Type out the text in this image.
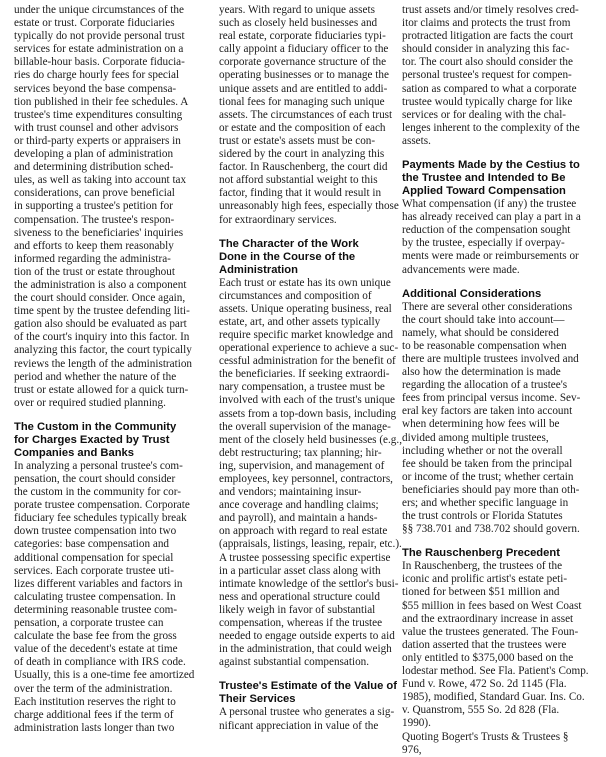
under the unique circumstances of the
estate or trust. Corporate fiduciaries
typically do not provide personal trust
services for estate administration on a
billable-hour basis. Corporate fiducia-
ries do charge hourly fees for special
services beyond the base compensa-
tion published in their fee schedules. A
trustee's time expenditures consulting
with trust counsel and other advisors
or third-party experts or appraisers in
developing a plan of administration
and determining distribution sched-
ules, as well as taking into account tax
considerations, can prove beneficial
in supporting a trustee's petition for
compensation. The trustee's respon-
siveness to the beneficiaries' inquiries
and efforts to keep them reasonably
informed regarding the administra-
tion of the trust or estate throughout
the administration is also a component
the court should consider. Once again,
time spent by the trustee defending liti-
gation also should be evaluated as part
of the court's inquiry into this factor. In
analyzing this factor, the court typically
reviews the length of the administration
period and whether the nature of the
trust or estate allowed for a quick turn-
over or required studied planning.

The Custom in the Community
for Charges Exacted by Trust
Companies and Banks

In analyzing a personal trustee's com-
pensation, the court should consider
the custom in the community for cor-
porate trustee compensation. Corporate
fiduciary fee schedules typically break
down trustee compensation into two
categories: base compensation and
additional compensation for special
services. Each corporate trustee uti-
lizes different variables and factors in
calculating trustee compensation. In
determining reasonable trustee com-
pensation, a corporate trustee can
calculate the base fee from the gross
value of the decedent's estate at time
of death in compliance with IRS code.
Usually, this is a one-time fee amortized
over the term of the administration.
Each institution reserves the right to
charge additional fees if the term of
administration lasts longer than two

years. With regard to unique assets
such as closely held businesses and
real estate, corporate fiduciaries typi-
cally appoint a fiduciary officer to the
corporate governance structure of the
operating businesses or to manage the
unique assets and are entitled to addi-
tional fees for managing such unique
assets. The circumstances of each trust
or estate and the composition of each
trust or estate's assets must be con-
sidered by the court in analyzing this
factor. In Rauschenberg, the court did
not afford substantial weight to this
factor, finding that it would result in
unreasonably high fees, especially those
for extraordinary services.

The Character of the Work
Done in the Course of the
Administration

Each trust or estate has its own unique
circumstances and composition of
assets. Unique operating business, real
estate, art, and other assets typically
require specific market knowledge and
operational experience to achieve a suc-
cessful administration for the benefit of
the beneficiaries. If seeking extraordi-
nary compensation, a trustee must be
involved with each of the trust's unique
assets from a top-down basis, including
the overall supervision of the manage-
ment of the closely held businesses (e.g.,
debt restructuring; tax planning; hir-
ing, supervision, and management of
employees, key personnel, contractors,
and vendors; maintaining insur-
ance coverage and handling claims;
and payroll), and maintain a hands-
on approach with regard to real estate
(appraisals, listings, leasing, repair, etc.).
A trustee possessing specific expertise
in a particular asset class along with
intimate knowledge of the settlor's busi-
ness and operational structure could
likely weigh in favor of substantial
compensation, whereas if the trustee
needed to engage outside experts to aid
in the administration, that could weigh
against substantial compensation.

Trustee's Estimate of the Value of
Their Services

A personal trustee who generates a sig-
nificant appreciation in value of the

trust assets and/or timely resolves cred-
itor claims and protects the trust from
protracted litigation are facts the court
should consider in analyzing this fac-
tor. The court also should consider the
personal trustee's request for compen-
sation as compared to what a corporate
trustee would typically charge for like
services or for dealing with the chal-
lenges inherent to the complexity of the
assets.

Payments Made by the Cestius to
the Trustee and Intended to Be
Applied Toward Compensation

What compensation (if any) the trustee
has already received can play a part in a
reduction of the compensation sought
by the trustee, especially if overpay-
ments were made or reimbursements or
advancements were made.

Additional Considerations

There are several other considerations
the court should take into account—
namely, what should be considered
to be reasonable compensation when
there are multiple trustees involved and
also how the determination is made
regarding the allocation of a trustee's
fees from principal versus income. Sev-
eral key factors are taken into account
when determining how fees will be
divided among multiple trustees,
including whether or not the overall
fee should be taken from the principal
or income of the trust; whether certain
beneficiaries should pay more than oth-
ers; and whether specific language in
the trust controls or Florida Statutes
§§ 738.701 and 738.702 should govern.

The Rauschenberg Precedent

In Rauschenberg, the trustees of the
iconic and prolific artist's estate peti-
tioned for between $51 million and
$55 million in fees based on West Coast
and the extraordinary increase in asset
value the trustees generated. The Foun-
dation asserted that the trustees were
only entitled to $375,000 based on the
lodestar method. See Fla. Patient's Comp.
Fund v. Rowe, 472 So. 2d 1145 (Fla.
1985), modified, Standard Guar. Ins. Co.
v. Quanstrom, 555 So. 2d 828 (Fla. 1990).
Quoting Bogert's Trusts & Trustees § 976,
